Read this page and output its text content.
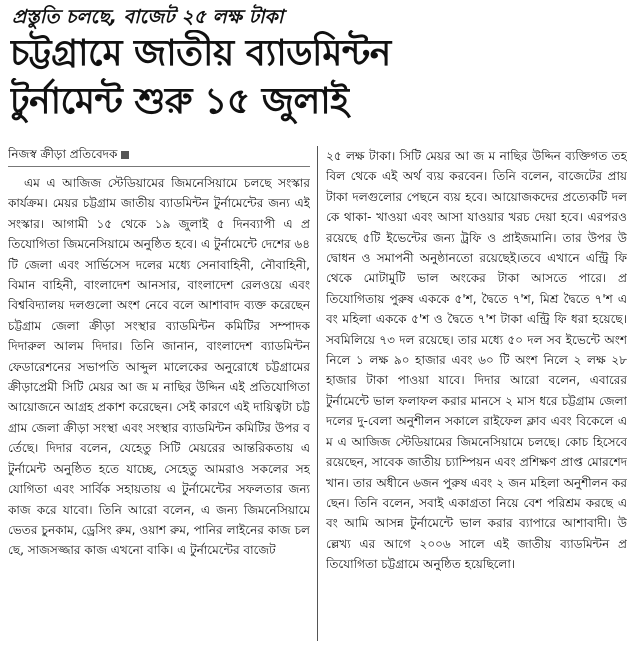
প্রস্তুতি চলছে, বাজেট ২৫ লক্ষ টাকা
চট্টগ্রামে জাতীয় ব্যাডমিন্টন
টুর্নামেন্ট শুরু ১৫ জুলাই
নিজস্ব ক্রীড়া প্রতিবেদক

এম এ আজিজ স্টেডিয়ামের জিমনেসিয়ামে চলছে সংস্কার কার্যক্রম। মেয়র চট্টগ্রাম জাতীয় ব্যাডমিন্টন টুর্নামেন্টের জন্য এই সংস্কার। আগামী ১৫ থেকে ১৯ জুলাই ৫ দিনব্যাপী এ প্রতিযোগিতা জিমনেসিয়ামে অনুষ্ঠিত হবে। এ টুর্নামেন্টে দেশের ৬৪টি জেলা এবং সার্ভিসেস দলের মধ্যে সেনাবাহিনী, নৌবাহিনী, বিমান বাহিনী, বাংলাদেশ আনসার, বাংলাদেশ রেলওয়ে এবং বিশ্ববিদ্যালয় দলগুলো অংশ নেবে বলে আশাবাদ ব্যক্ত করেছেন চট্টগ্রাম জেলা ক্রীড়া সংস্থার ব্যাডমিন্টন কমিটির সম্পাদক দিদারুল আলম দিদার। তিনি জানান, বাংলাদেশ ব্যাডমিন্টন ফেডারেশনের সভাপতি আব্দুল মালেকের অনুরোধে চট্টগ্রামের ক্রীড়াপ্রেমী সিটি মেয়র আ জ ম নাছির উদ্দিন এই প্রতিযোগিতা আয়োজনে আগ্রহ প্রকাশ করেছেন। সেই কারণে এই দায়িত্বটা চট্টগ্রাম জেলা ক্রীড়া সংস্থা এবং সংস্থার ব্যাডমিন্টন কমিটির উপর বর্তেছে। দিদার বলেন, যেহেতু সিটি মেয়রের আন্তরিকতায় এ টুর্নামেন্ট অনুষ্ঠিত হতে যাচ্ছে, সেহেতু আমরাও সকলের সহযোগিতা এবং সার্বিক সহায়তায় এ টুর্নামেন্টের সফলতার জন্য কাজ করে যাবো। তিনি আরো বলেন, এ জন্য জিমনেসিয়ামে ভেতর চুনকাম, ড্রেসিং রুম, ওয়াশ রুম, পানির লাইনের কাজ চলছে, সাজসজ্জার কাজ এখনো বাকি। এ টুর্নামেন্টের বাজেট

২৫ লক্ষ টাকা। সিটি মেয়র আ জ ম নাছির উদ্দিন ব্যক্তিগত তহবিল থেকে এই অর্থ ব্যয় করবেন। তিনি বলেন, বাজেটের প্রায় টাকা দলগুলোর পেছনে ব্যয় হবে। আয়োজকদের প্রত্যেকটি দলকে থাকা- খাওয়া এবং আসা যাওয়ার খরচ দেয়া হবে। এরপরও রয়েছে ৫টি ইভেন্টের জন্য ট্রফি ও প্রাইজমানি। তার উপর উদ্বোধন ও সমাপনী অনুষ্ঠানতো রয়েছেই।তবে এখানে এন্ট্রি ফি থেকে মোটামুটি ভাল অংকের টাকা আসতে পারে। প্রতিযোগিতায় পুরুষ এককে ৫'শ, দ্বৈতে ৭'শ, মিশ্র দ্বৈতে ৭'শ এবং মহিলা এককে ৫'শ ও দ্বৈতে ৭'শ টাকা এন্ট্রি ফি ধরা হয়েছে। সবমিলিয়ে ৭৩ দল রয়েছে। তার মধ্যে ৫০ দল সব ইভেন্টে অংশ নিলে ১ লক্ষ ৯০ হাজার এবং ৬০ টি অংশ নিলে ২ লক্ষ ২৮ হাজার টাকা পাওয়া যাবে। দিদার আরো বলেন, এবারের টুর্নামেন্টে ভাল ফলাফল করার মানসে ২ মাস ধরে চট্টগ্রাম জেলা দলের দু-বেলা অনুশীলন সকালে রাইফেল ক্লাব এবং বিকেলে এম এ আজিজ স্টেডিয়ামের জিমনেসিয়ামে চলছে। কোচ হিসেবে রয়েছেন, সাবেক জাতীয় চ্যাম্পিয়ন এবং প্রশিক্ষণ প্রাপ্ত মোরশেদ খান। তার অধীনে ৬জন পুরুষ এবং ২ জন মহিলা অনুশীলন করছেন। তিনি বলেন, সবাই একাগ্রতা নিয়ে বেশ পরিশ্রম করছে এবং আমি আসন্ন টুর্নামেন্টে ভাল করার ব্যাপারে আশাবাদী। উল্লেখ্য এর আগে ২০০৬ সালে এই জাতীয় ব্যাডমিন্টন প্রতিযোগিতা চট্টগ্রামে অনুষ্ঠিত হয়েছিলো।
